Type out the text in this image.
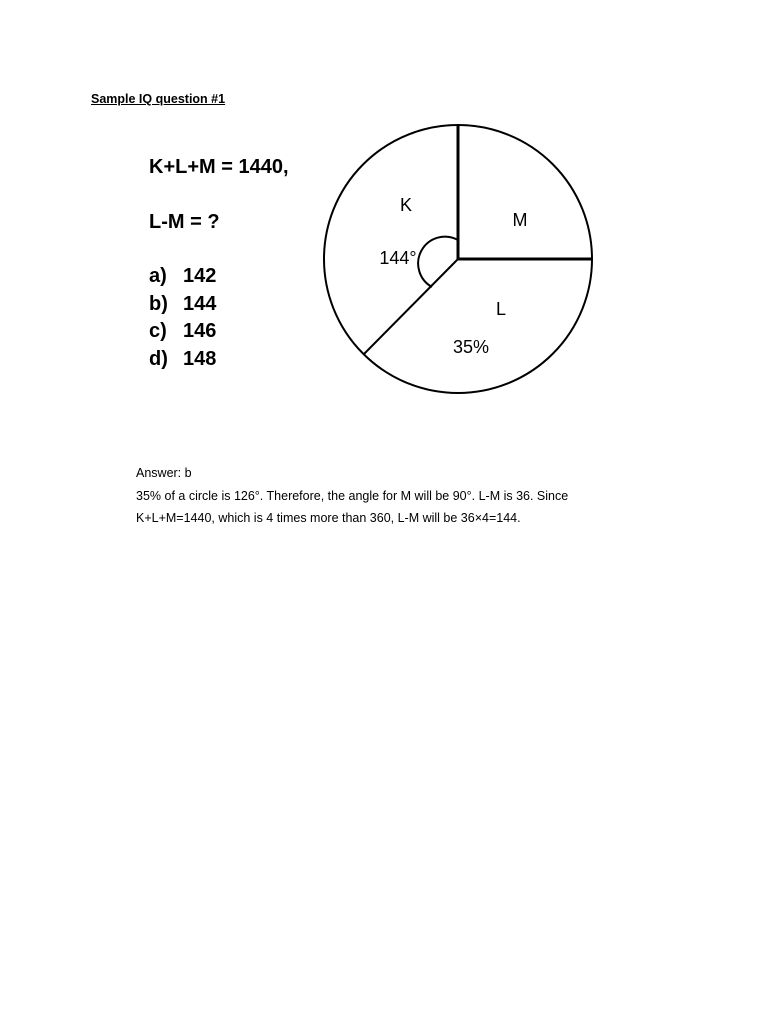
Sample IQ question #1
K+L+M = 1440,
L-M = ?
a) 142
b) 144
c) 146
d) 148
K
M
L
144°
35%
Answer: b
35% of a circle is 126°. Therefore, the angle for M will be 90°. L-M is 36. Since
K+L+M=1440, which is 4 times more than 360, L-M will be 36×4=144.
